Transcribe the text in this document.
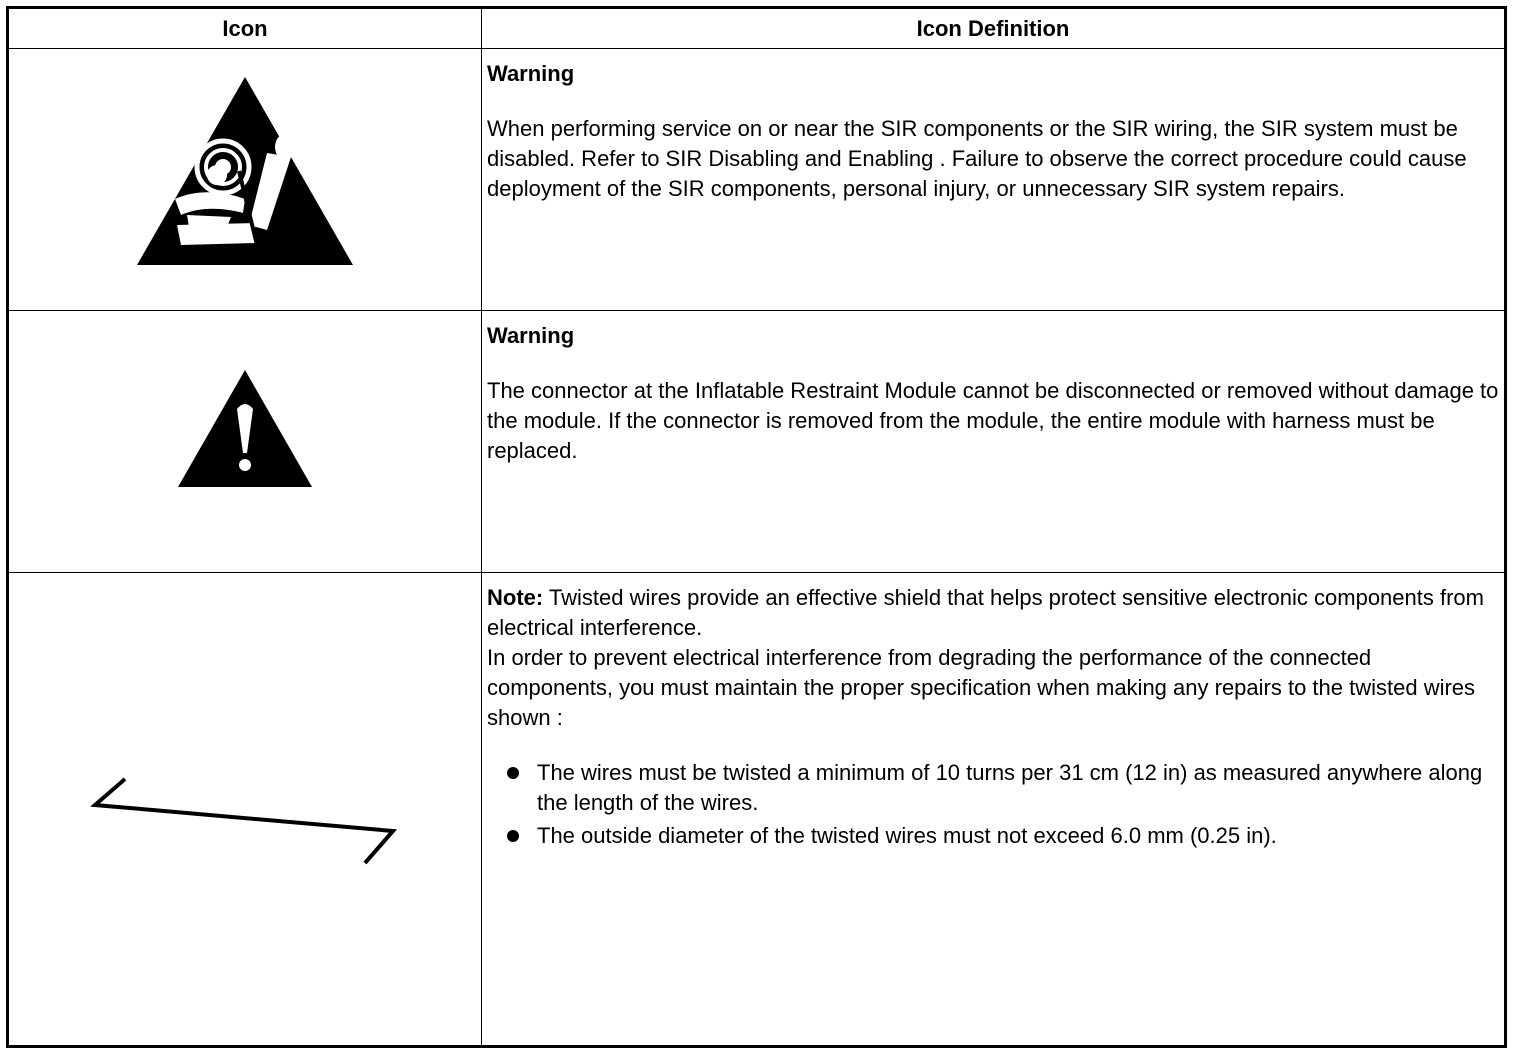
Icon	Icon Definition

Warning

When performing service on or near the SIR components or the SIR wiring, the SIR system must be disabled. Refer to SIR Disabling and Enabling . Failure to observe the correct procedure could cause deployment of the SIR components, personal injury, or unnecessary SIR system repairs.

Warning

The connector at the Inflatable Restraint Module cannot be disconnected or removed without damage to the module. If the connector is removed from the module, the entire module with harness must be replaced.

Note: Twisted wires provide an effective shield that helps protect sensitive electronic components from electrical interference.

In order to prevent electrical interference from degrading the performance of the connected components, you must maintain the proper specification when making any repairs to the twisted wires shown :

The wires must be twisted a minimum of 10 turns per 31 cm (12 in) as measured anywhere along the length of the wires.
The outside diameter of the twisted wires must not exceed 6.0 mm (0.25 in).
